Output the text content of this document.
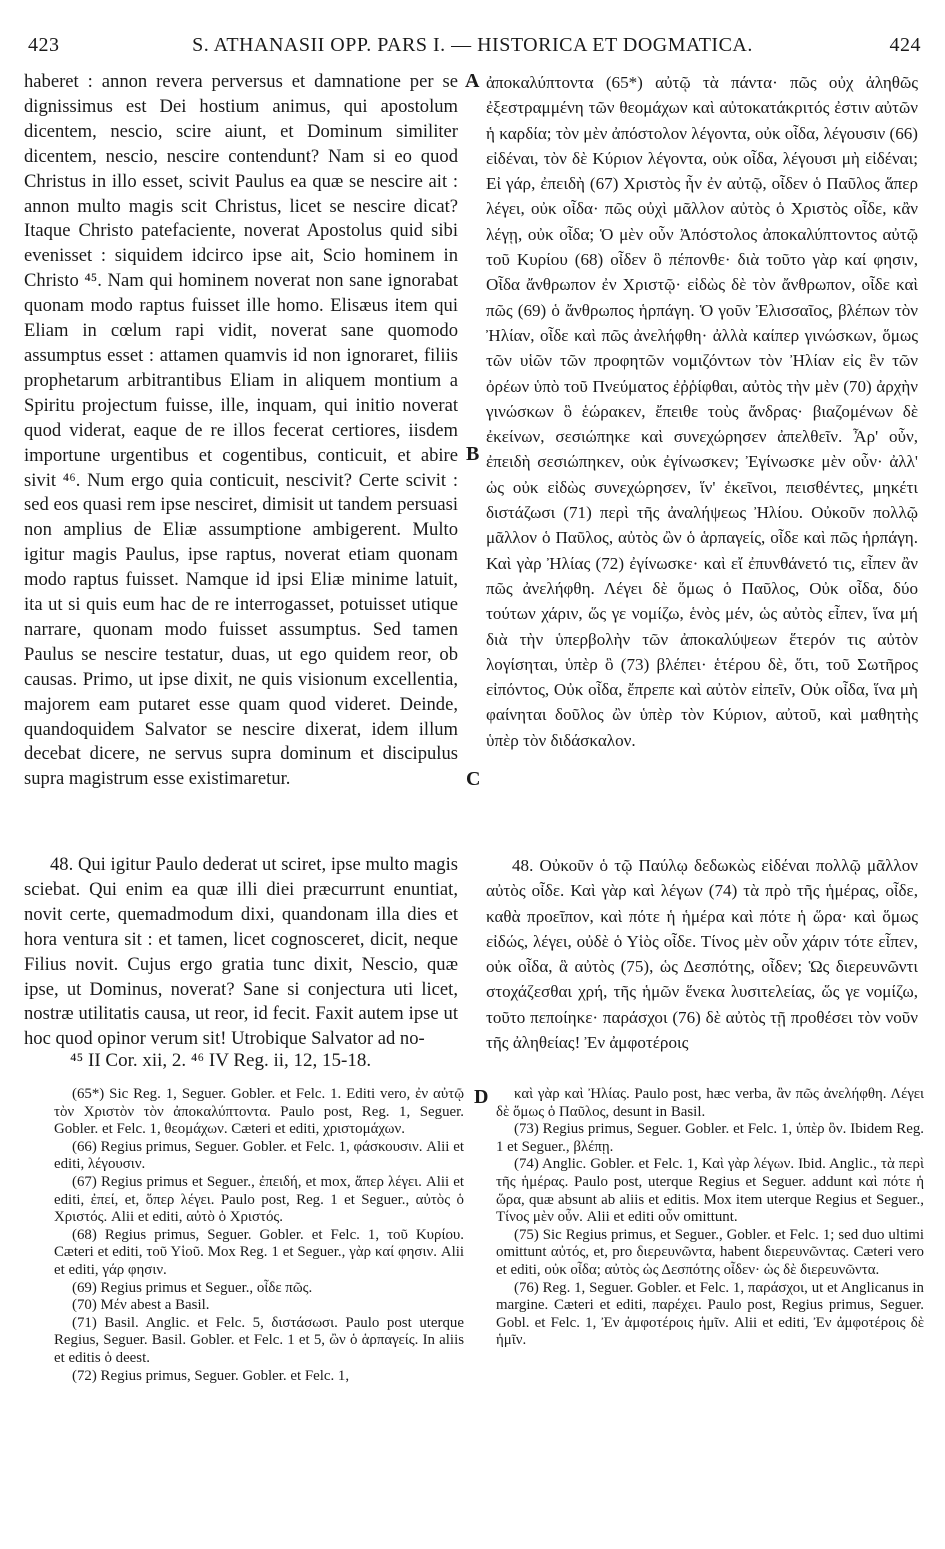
423	S. ATHANASII OPP. PARS I. — HISTORICA ET DOGMATICA.	424

haberet : annon revera perversus et damnatione per se dignissimus est Dei hostium animus, qui apostolum dicentem, nescio, scire aiunt, et Dominum similiter dicentem, nescio, nescire contendunt? Nam si eo quod Christus in illo esset, scivit Paulus ea quæ se nescire ait : annon multo magis scit Christus, licet se nescire dicat? Itaque Christo patefaciente, noverat Apostolus quid sibi evenisset : siquidem idcirco ipse ait, Scio hominem in Christo ⁴⁵. Nam qui hominem noverat non sane ignorabat quonam modo raptus fuisset ille homo. Elisæus item qui Eliam in cœlum rapi vidit, noverat sane quomodo assumptus esset : attamen quamvis id non ignoraret, filiis prophetarum arbitrantibus Eliam in aliquem montium a Spiritu projectum fuisse, ille, inquam, qui initio noverat quod viderat, eaque de re illos fecerat certiores, iisdem importune urgentibus et cogentibus, conticuit, et abire sivit ⁴⁶. Num ergo quia conticuit, nescivit? Certe scivit : sed eos quasi rem ipse nesciret, dimisit ut tandem persuasi non amplius de Eliæ assumptione ambigerent. Multo igitur magis Paulus, ipse raptus, noverat etiam quonam modo raptus fuisset. Namque id ipsi Eliæ minime latuit, ita ut si quis eum hac de re interrogasset, potuisset utique narrare, quonam modo fuisset assumptus. Sed tamen Paulus se nescire testatur, duas, ut ego quidem reor, ob causas. Primo, ut ipse dixit, ne quis visionum excellentia, majorem eam putaret esse quam quod videret. Deinde, quandoquidem Salvator se nescire dixerat, idem illum decebat dicere, ne servus supra dominum et discipulus supra magistrum esse existimaretur.

48. Qui igitur Paulo dederat ut sciret, ipse multo magis sciebat. Qui enim ea quæ illi diei præcurrunt enuntiat, novit certe, quemadmodum dixi, quandonam illa dies et hora ventura sit : et tamen, licet cognosceret, dicit, neque Filius novit. Cujus ergo gratia tunc dixit, Nescio, quæ ipse, ut Dominus, noverat? Sane si conjectura uti licet, nostræ utilitatis causa, ut reor, id fecit. Faxit autem ipse ut hoc quod opinor verum sit! Utrobique Salvator ad no-

ἀποκαλύπτοντα (65*) αὐτῷ τὰ πάντα· πῶς οὐχ ἀληθῶς ἐξεστραμμένη τῶν θεομάχων καὶ αὐτοκατάκριτός ἐστιν αὐτῶν ἡ καρδία; τὸν μὲν ἀπόστολον λέγοντα, οὐκ οἶδα, λέγουσιν (66) εἰδέναι, τὸν δὲ Κύριον λέγοντα, οὐκ οἶδα, λέγουσι μὴ εἰδέναι; Εἰ γάρ, ἐπειδὴ (67) Χριστὸς ἦν ἐν αὐτῷ, οἶδεν ὁ Παῦλος ἅπερ λέγει, οὐκ οἶδα· πῶς οὐχὶ μᾶλλον αὐτὸς ὁ Χριστὸς οἶδε, κἂν λέγῃ, οὐκ οἶδα; Ὁ μὲν οὖν Ἀπόστολος ἀποκαλύπτοντος αὐτῷ τοῦ Κυρίου (68) οἶδεν ὃ πέπονθε· διὰ τοῦτο γὰρ καί φησιν, Οἶδα ἄνθρωπον ἐν Χριστῷ· εἰδὼς δὲ τὸν ἄνθρωπον, οἶδε καὶ πῶς (69) ὁ ἄνθρωπος ἡρπάγη. Ὁ γοῦν Ἐλισσαῖος, βλέπων τὸν Ἠλίαν, οἶδε καὶ πῶς ἀνελήφθη· ἀλλὰ καίπερ γινώσκων, ὅμως τῶν υἱῶν τῶν προφητῶν νομιζόντων τὸν Ἠλίαν εἰς ἓν τῶν ὀρέων ὑπὸ τοῦ Πνεύματος ἐῤῥίφθαι, αὐτὸς τὴν μὲν (70) ἀρχὴν γινώσκων ὃ ἑώρακεν, ἔπειθε τοὺς ἄνδρας· βιαζομένων δὲ ἐκείνων, σεσιώπηκε καὶ συνεχώρησεν ἀπελθεῖν. Ἆρ' οὖν, ἐπειδὴ σεσιώπηκεν, οὐκ ἐγίνωσκεν; Ἐγίνωσκε μὲν οὖν· ἀλλ' ὡς οὐκ εἰδὼς συνεχώρησεν, ἵν' ἐκεῖνοι, πεισθέντες, μηκέτι διστάζωσι (71) περὶ τῆς ἀναλήψεως Ἠλίου. Οὐκοῦν πολλῷ μᾶλλον ὁ Παῦλος, αὐτὸς ὢν ὁ ἁρπαγείς, οἶδε καὶ πῶς ἡρπάγη. Καὶ γὰρ Ἠλίας (72) ἐγίνωσκε· καὶ εἴ ἐπυνθάνετό τις, εἶπεν ἂν πῶς ἀνελήφθη. Λέγει δὲ ὅμως ὁ Παῦλος, Οὐκ οἶδα, δύο τούτων χάριν, ὥς γε νομίζω, ἑνὸς μέν, ὡς αὐτὸς εἶπεν, ἵνα μή διὰ τὴν ὑπερβολὴν τῶν ἀποκαλύψεων ἕτερόν τις αὐτὸν λογίσηται, ὑπὲρ ὃ (73) βλέπει· ἑτέρου δὲ, ὅτι, τοῦ Σωτῆρος εἰπόντος, Οὐκ οἶδα, ἔπρεπε καὶ αὐτὸν εἰπεῖν, Οὐκ οἶδα, ἵνα μὴ φαίνηται δοῦλος ὢν ὑπὲρ τὸν Κύριον, αὐτοῦ, καὶ μαθητὴς ὑπὲρ τὸν διδάσκαλον.

48. Οὐκοῦν ὁ τῷ Παύλῳ δεδωκὼς εἰδέναι πολλῷ μᾶλλον αὐτὸς οἶδε. Καὶ γὰρ καὶ λέγων (74) τὰ πρὸ τῆς ἡμέρας, οἶδε, καθὰ προεῖπον, καὶ πότε ἡ ἡμέρα καὶ πότε ἡ ὥρα· καὶ ὅμως εἰδώς, λέγει, οὐδὲ ὁ Υἱὸς οἶδε. Τίνος μὲν οὖν χάριν τότε εἶπεν, οὐκ οἶδα, ἃ αὐτὸς (75), ὡς Δεσπότης, οἶδεν; Ὡς διερευνῶντι στοχάζεσθαι χρή, τῆς ἡμῶν ἕνεκα λυσιτελείας, ὥς γε νομίζω, τοῦτο πεποίηκε· παράσχοι (76) δὲ αὐτὸς τῇ προθέσει τὸν νοῦν τῆς ἀληθείας! Ἐν ἀμφοτέροις

A
B
C
D
⁴⁵ II Cor. xii, 2. ⁴⁶ IV Reg. ii, 12, 15-18.

(65*) Sic Reg. 1, Seguer. Gobler. et Felc. 1. Editi vero, ἐν αὐτῷ τὸν Χριστὸν τὸν ἀποκαλύπτοντα. Paulo post, Reg. 1, Seguer. Gobler. et Felc. 1, θεομάχων. Cæteri et editi, χριστομάχων.

(66) Regius primus, Seguer. Gobler. et Felc. 1, φάσκουσιν. Alii et editi, λέγουσιν.

(67) Regius primus et Seguer., ἐπειδή, et mox, ἅπερ λέγει. Alii et editi, ἐπεί, et, ὅπερ λέγει. Paulo post, Reg. 1 et Seguer., αὐτὸς ὁ Χριστός. Alii et editi, αὐτὸ ὁ Χριστός.

(68) Regius primus, Seguer. Gobler. et Felc. 1, τοῦ Κυρίου. Cæteri et editi, τοῦ Υἱοῦ. Mox Reg. 1 et Seguer., γὰρ καί φησιν. Alii et editi, γάρ φησιν.

(69) Regius primus et Seguer., οἶδε πῶς.

(70) Μέν abest a Basil.

(71) Basil. Anglic. et Felc. 5, διστάσωσι. Paulo post uterque Regius, Seguer. Basil. Gobler. et Felc. 1 et 5, ὢν ὁ ἁρπαγείς. In aliis et editis ὁ deest.

(72) Regius primus, Seguer. Gobler. et Felc. 1,

καὶ γὰρ καὶ Ἠλίας. Paulo post, hæc verba, ἂν πῶς ἀνελήφθη. Λέγει δὲ ὅμως ὁ Παῦλος, desunt in Basil.

(73) Regius primus, Seguer. Gobler. et Felc. 1, ὑπὲρ ὃν. Ibidem Reg. 1 et Seguer., βλέπῃ.

(74) Anglic. Gobler. et Felc. 1, Καὶ γὰρ λέγων. Ibid. Anglic., τὰ περὶ τῆς ἡμέρας. Paulo post, uterque Regius et Seguer. addunt καὶ πότε ἡ ὥρα, quæ absunt ab aliis et editis. Mox item uterque Regius et Seguer., Τίνος μὲν οὖν. Alii et editi οὖν omittunt.

(75) Sic Regius primus, et Seguer., Gobler. et Felc. 1; sed duo ultimi omittunt αὐτός, et, pro διερευνῶντα, habent διερευνῶντας. Cæteri vero et editi, οὐκ οἶδα; αὐτὸς ὡς Δεσπότης οἶδεν· ὡς δὲ διερευνῶντα.

(76) Reg. 1, Seguer. Gobler. et Felc. 1, παράσχοι, ut et Anglicanus in margine. Cæteri et editi, παρέχει. Paulo post, Regius primus, Seguer. Gobl. et Felc. 1, Ἐν ἀμφοτέροις ἡμῖν. Alii et editi, Ἐν ἀμφοτέροις δὲ ἡμῖν.
